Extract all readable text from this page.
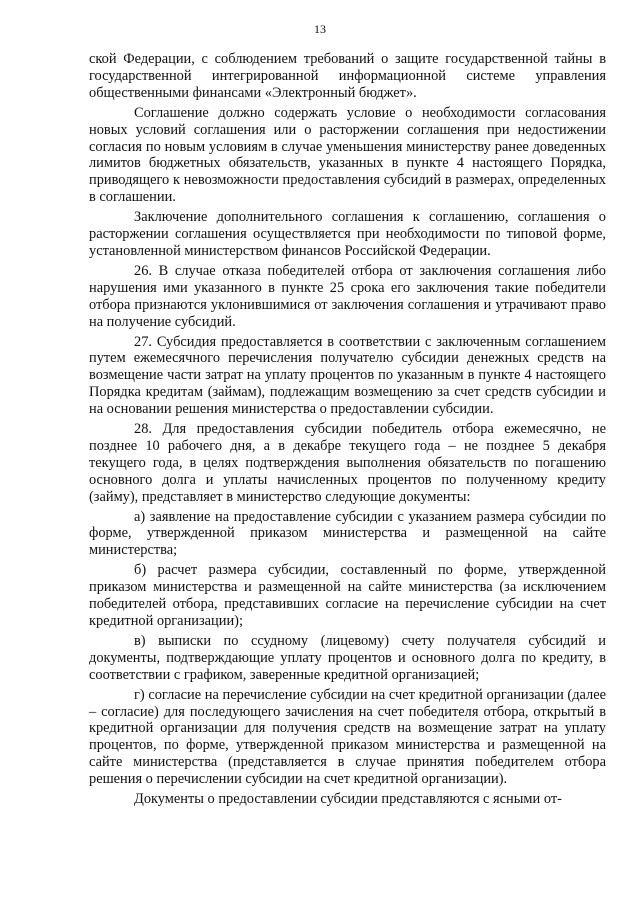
13

ской Федерации, с соблюдением требований о защите государственной тайны в государственной интегрированной информационной системе управления общественными финансами «Электронный бюджет».

Соглашение должно содержать условие о необходимости согласования новых условий соглашения или о расторжении соглашения при недостижении согласия по новым условиям в случае уменьшения министерству ранее доведенных лимитов бюджетных обязательств, указанных в пункте 4 настоящего Порядка, приводящего к невозможности предоставления субсидий в размерах, определенных в соглашении.

Заключение дополнительного соглашения к соглашению, соглашения о расторжении соглашения осуществляется при необходимости по типовой форме, установленной министерством финансов Российской Федерации.

26. В случае отказа победителей отбора от заключения соглашения либо нарушения ими указанного в пункте 25 срока его заключения такие победители отбора признаются уклонившимися от заключения соглашения и утрачивают право на получение субсидий.

27. Субсидия предоставляется в соответствии с заключенным соглашением путем ежемесячного перечисления получателю субсидии денежных средств на возмещение части затрат на уплату процентов по указанным в пункте 4 настоящего Порядка кредитам (займам), подлежащим возмещению за счет средств субсидии и на основании решения министерства о предоставлении субсидии.

28. Для предоставления субсидии победитель отбора ежемесячно, не позднее 10 рабочего дня, а в декабре текущего года – не позднее 5 декабря текущего года, в целях подтверждения выполнения обязательств по погашению основного долга и уплаты начисленных процентов по полученному кредиту (займу), представляет в министерство следующие документы:

а) заявление на предоставление субсидии с указанием размера субсидии по форме, утвержденной приказом министерства и размещенной на сайте министерства;

б) расчет размера субсидии, составленный по форме, утвержденной приказом министерства и размещенной на сайте министерства (за исключением победителей отбора, представивших согласие на перечисление субсидии на счет кредитной организации);

в) выписки по ссудному (лицевому) счету получателя субсидий и документы, подтверждающие уплату процентов и основного долга по кредиту, в соответствии с графиком, заверенные кредитной организацией;

г) согласие на перечисление субсидии на счет кредитной организации (далее – согласие) для последующего зачисления на счет победителя отбора, открытый в кредитной организации для получения средств на возмещение затрат на уплату процентов, по форме, утвержденной приказом министерства и размещенной на сайте министерства (представляется в случае принятия победителем отбора решения о перечислении субсидии на счет кредитной организации).

Документы о предоставлении субсидии представляются с ясными от-
